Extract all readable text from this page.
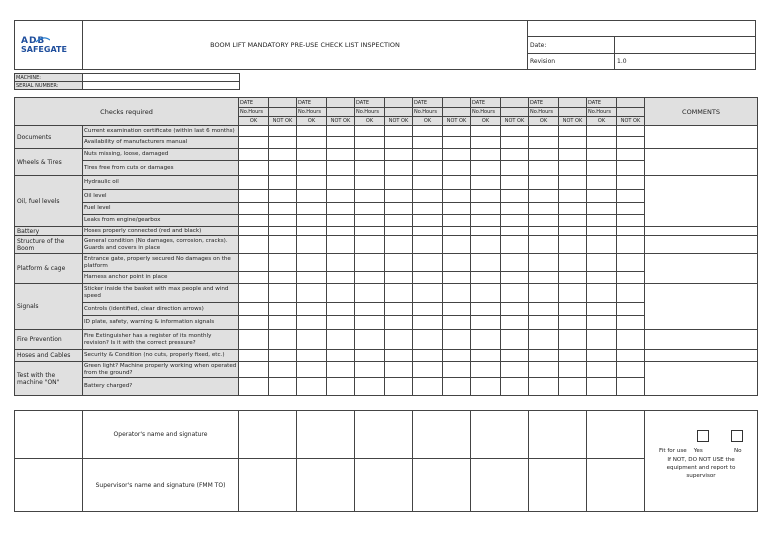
ADB
SAFEGATE	BOOM LIFT MANDATORY PRE-USE CHECK LIST INSPECTION		
		Date:	
		Revision	1.0
MACHINE:	
SERIAL NUMBER:	
Checks required		DATE		DATE		DATE		DATE		DATE		DATE		DATE		COMMENTS
		No.Hours		No.Hours		No.Hours		No.Hours		No.Hours		No.Hours		No.Hours		
		OK	NOT OK	OK	NOT OK	OK	NOT OK	OK	NOT OK	OK	NOT OK	OK	NOT OK	OK	NOT OK	
Documents	Current examination certificate (within last 6 months)															
	Availability of manufacturers manual															
Wheels & Tires	Nuts missing, loose, damaged															
	Tires free from cuts or damages															
Oil, fuel levels	Hydraulic oil															
	Oil level															
	Fuel level															
	Leaks from engine/gearbox															
Battery	Hoses properly connected (red and black)															
Structure of the Boom	General condition (No damages, corrosion, cracks). Guards and covers in place															
Platform & cage	Entrance gate, properly secured No damages on the platform															
	Harness anchor point in place															
Signals	Sticker inside the basket with max people and wind speed															
	Controls (identified, clear direction arrows)															
	ID plate, safety, warning & information signals															
Fire Prevention	Fire Extinguisher has a register of its monthly revision? Is it with the correct pressure?															
Hoses and Cables	Security & Condition (no cuts, properly fixed, etc.)															
Test with the machine "ON"	Green light? Machine properly working when operated from the ground?															
	Battery charged?															
	Operator's name and signature								Fit for use Yes No
If NOT, DO NOT USE the equipment and report to supervisor

	Supervisor's name and signature (FMM TO)								
